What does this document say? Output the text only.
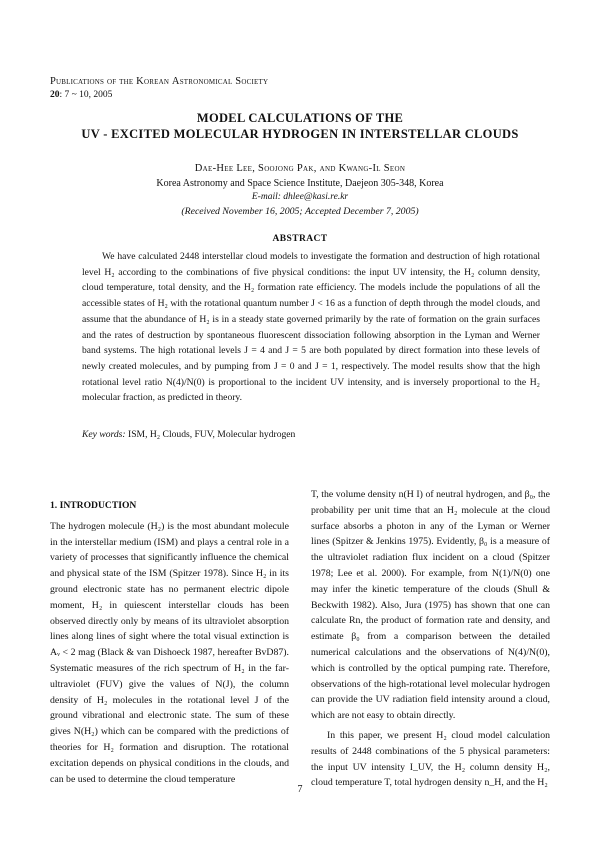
Publications of the Korean Astronomical Society
20: 7 ~ 10, 2005
MODEL CALCULATIONS OF THE
UV - EXCITED MOLECULAR HYDROGEN IN INTERSTELLAR CLOUDS
Dae-Hee Lee, Soojong Pak, and Kwang-Il Seon
Korea Astronomy and Space Science Institute, Daejeon 305-348, Korea
E-mail: dhlee@kasi.re.kr
(Received November 16, 2005; Accepted December 7, 2005)
ABSTRACT
We have calculated 2448 interstellar cloud models to investigate the formation and destruction of high rotational level H₂ according to the combinations of five physical conditions: the input UV intensity, the H₂ column density, cloud temperature, total density, and the H₂ formation rate efficiency. The models include the populations of all the accessible states of H₂ with the rotational quantum number J < 16 as a function of depth through the model clouds, and assume that the abundance of H₂ is in a steady state governed primarily by the rate of formation on the grain surfaces and the rates of destruction by spontaneous fluorescent dissociation following absorption in the Lyman and Werner band systems. The high rotational levels J = 4 and J = 5 are both populated by direct formation into these levels of newly created molecules, and by pumping from J = 0 and J = 1, respectively. The model results show that the high rotational level ratio N(4)/N(0) is proportional to the incident UV intensity, and is inversely proportional to the H₂ molecular fraction, as predicted in theory.
Key words: ISM, H₂ Clouds, FUV, Molecular hydrogen
1. INTRODUCTION

The hydrogen molecule (H₂) is the most abundant molecule in the interstellar medium (ISM) and plays a central role in a variety of processes that significantly influence the chemical and physical state of the ISM (Spitzer 1978). Since H₂ in its ground electronic state has no permanent electric dipole moment, H₂ in quiescent interstellar clouds has been observed directly only by means of its ultraviolet absorption lines along lines of sight where the total visual extinction is Aᵥ < 2 mag (Black & van Dishoeck 1987, hereafter BvD87). Systematic measures of the rich spectrum of H₂ in the far-ultraviolet (FUV) give the values of N(J), the column density of H₂ molecules in the rotational level J of the ground vibrational and electronic state. The sum of these gives N(H₂) which can be compared with the predictions of theories for H₂ formation and disruption. The rotational excitation depends on physical conditions in the clouds, and can be used to determine the cloud temperature

T, the volume density n(H I) of neutral hydrogen, and β₀, the probability per unit time that an H₂ molecule at the cloud surface absorbs a photon in any of the Lyman or Werner lines (Spitzer & Jenkins 1975). Evidently, β₀ is a measure of the ultraviolet radiation flux incident on a cloud (Spitzer 1978; Lee et al. 2000). For example, from N(1)/N(0) one may infer the kinetic temperature of the clouds (Shull & Beckwith 1982). Also, Jura (1975) has shown that one can calculate Rn, the product of formation rate and density, and estimate β₀ from a comparison between the detailed numerical calculations and the observations of N(4)/N(0), which is controlled by the optical pumping rate. Therefore, observations of the high-rotational level molecular hydrogen can provide the UV radiation field intensity around a cloud, which are not easy to obtain directly.

In this paper, we present H₂ cloud model calculation results of 2448 combinations of the 5 physical parameters: the input UV intensity I_UV, the H₂ column density H₂, cloud temperature T, total hydrogen density n_H, and the H₂

7
